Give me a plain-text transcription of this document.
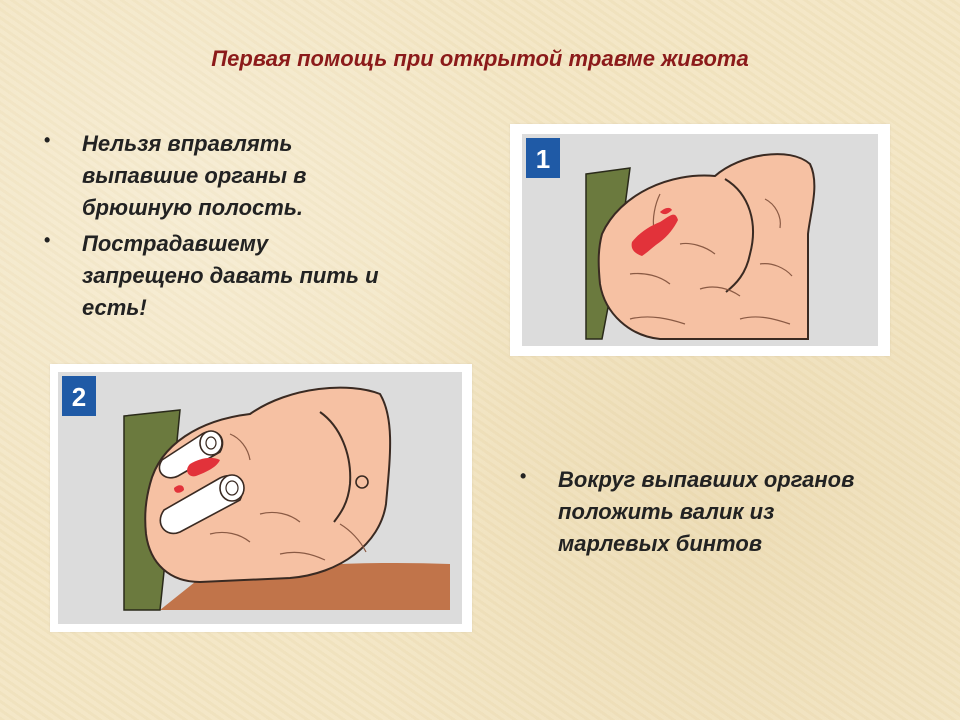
Первая помощь при открытой травме живота
• Нельзя вправлять
выпавшие органы в
брюшную полость.
• Пострадавшему
запрещено давать пить и
есть!
• Вокруг выпавших органов
положить валик из
марлевых бинтов
1
2
